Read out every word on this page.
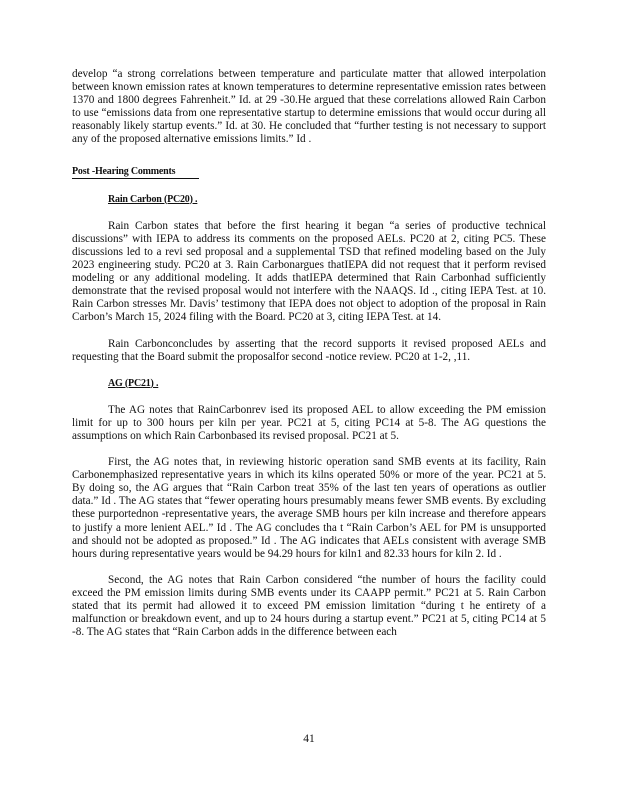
develop “a strong correlations between temperature and particulate matter that allowed interpolation between known emission rates at known temperatures to determine representative emission rates between 1370 and 1800 degrees Fahrenheit.” Id. at 29 -30.He argued that these correlations allowed Rain Carbon to use “emissions data from one representative startup to determine emissions that would occur during all reasonably likely startup events.” Id. at 30. He concluded that “further testing is not necessary to support any of the proposed alternative emissions limits.” Id .

Post -Hearing Comments
Rain Carbon (PC20) .

Rain Carbon states that before the first hearing it began “a series of productive technical discussions” with IEPA to address its comments on the proposed AELs. PC20 at 2, citing PC5. These discussions led to a revi sed proposal and a supplemental TSD that refined modeling based on the July 2023 engineering study. PC20 at 3. Rain Carbonargues thatIEPA did not request that it perform revised modeling or any additional modeling. It adds thatIEPA determined that Rain Carbonhad sufficiently demonstrate that the revised proposal would not interfere with the NAAQS. Id ., citing IEPA Test. at 10. Rain Carbon stresses Mr. Davis’ testimony that IEPA does not object to adoption of the proposal in Rain Carbon’s March 15, 2024 filing with the Board. PC20 at 3, citing IEPA Test. at 14.

Rain Carbonconcludes by asserting that the record supports it revised proposed AELs and requesting that the Board submit the proposalfor second -notice review. PC20 at 1-2, ,11.

AG (PC21) .

The AG notes that RainCarbonrev ised its proposed AEL to allow exceeding the PM emission limit for up to 300 hours per kiln per year. PC21 at 5, citing PC14 at 5-8. The AG questions the assumptions on which Rain Carbonbased its revised proposal. PC21 at 5.

First, the AG notes that, in reviewing historic operation sand SMB events at its facility, Rain Carbonemphasized representative years in which its kilns operated 50% or more of the year. PC21 at 5. By doing so, the AG argues that “Rain Carbon treat 35% of the last ten years of operations as outlier data.” Id . The AG states that “fewer operating hours presumably means fewer SMB events. By excluding these purportednon -representative years, the average SMB hours per kiln increase and therefore appears to justify a more lenient AEL.” Id . The AG concludes tha t “Rain Carbon’s AEL for PM is unsupported and should not be adopted as proposed.” Id . The AG indicates that AELs consistent with average SMB hours during representative years would be 94.29 hours for kiln1 and 82.33 hours for kiln 2. Id .

Second, the AG notes that Rain Carbon considered “the number of hours the facility could exceed the PM emission limits during SMB events under its CAAPP permit.” PC21 at 5. Rain Carbon stated that its permit had allowed it to exceed PM emission limitation “during t he entirety of a malfunction or breakdown event, and up to 24 hours during a startup event.” PC21 at 5, citing PC14 at 5 -8. The AG states that “Rain Carbon adds in the difference between each

41
